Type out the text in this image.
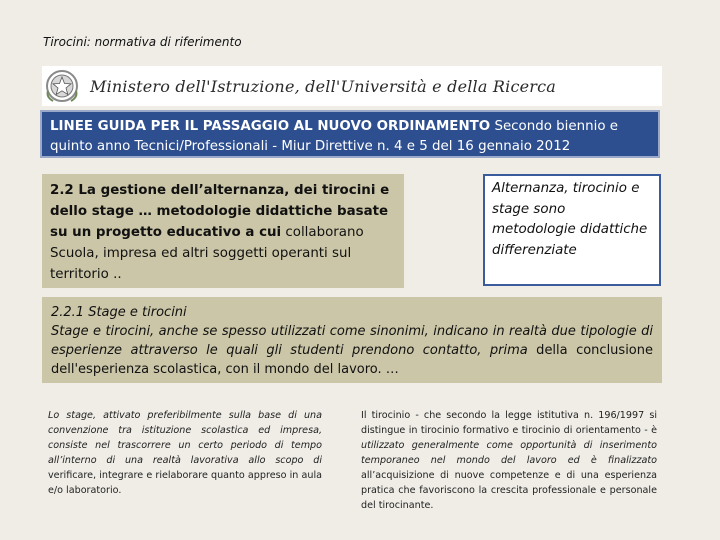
Tirocini: normativa di riferimento
Ministero dell'Istruzione, dell'Università e della Ricerca
LINEE GUIDA PER IL PASSAGGIO AL NUOVO ORDINAMENTO Secondo biennio e quinto anno Tecnici/Professionali - Miur Direttive n. 4 e 5 del 16 gennaio 2012
2.2 La gestione dell’alternanza, dei tirocini e dello stage … metodologie didattiche basate su un progetto educativo a cui collaborano Scuola, impresa ed altri soggetti operanti sul territorio ..
Alternanza, tirocinio e stage sono metodologie didattiche differenziate
2.2.1 Stage e tirocini
Stage e tirocini, anche se spesso utilizzati come sinonimi, indicano in realtà due tipologie di esperienze attraverso le quali gli studenti prendono contatto, prima della conclusione dell'esperienza scolastica, con il mondo del lavoro. …
Lo stage, attivato preferibilmente sulla base di una convenzione tra istituzione scolastica ed impresa, consiste nel trascorrere un certo periodo di tempo all’interno di una realtà lavorativa allo scopo di verificare, integrare e rielaborare quanto appreso in aula e/o laboratorio.
Il tirocinio - che secondo la legge istitutiva n. 196/1997 si distingue in tirocinio formativo e tirocinio di orientamento - è utilizzato generalmente come opportunità di inserimento temporaneo nel mondo del lavoro ed è finalizzato all’acquisizione di nuove competenze e di una esperienza pratica che favoriscono la crescita professionale e personale del tirocinante.
